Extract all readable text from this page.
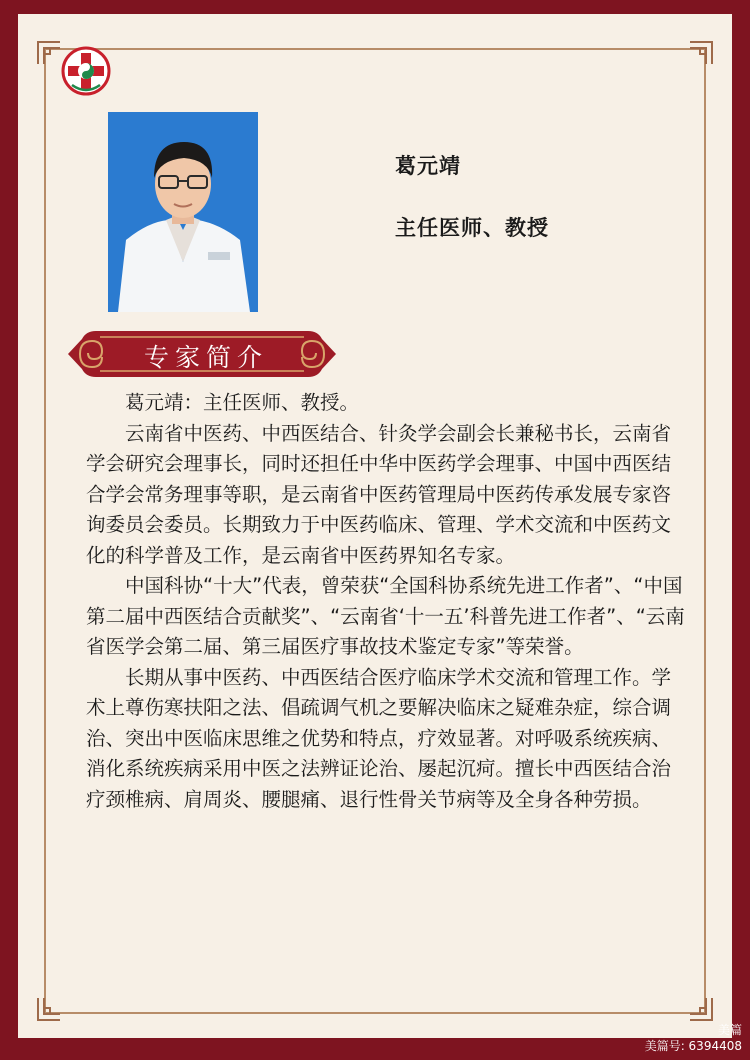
葛元靖
主任医师、教授
专家简介

葛元靖：主任医师、教授。

云南省中医药、中西医结合、针灸学会副会长兼秘书长，云南省学会研究会理事长，同时还担任中华中医药学会理事、中国中西医结合学会常务理事等职，是云南省中医药管理局中医药传承发展专家咨询委员会委员。长期致力于中医药临床、管理、学术交流和中医药文化的科学普及工作，是云南省中医药界知名专家。

中国科协“十大”代表，曾荣获“全国科协系统先进工作者”、“中国第二届中西医结合贡献奖”、“云南省‘十一五’科普先进工作者”、“云南省医学会第二届、第三届医疗事故技术鉴定专家”等荣誉。

长期从事中医药、中西医结合医疗临床学术交流和管理工作。学术上尊伤寒扶阳之法、倡疏调气机之要解决临床之疑难杂症，综合调治、突出中医临床思维之优势和特点，疗效显著。对呼吸系统疾病、消化系统疾病采用中医之法辨证论治、屡起沉疴。擅长中西医结合治疗颈椎病、肩周炎、腰腿痛、退行性骨关节病等及全身各种劳损。

美篇
美篇号: 6394408
